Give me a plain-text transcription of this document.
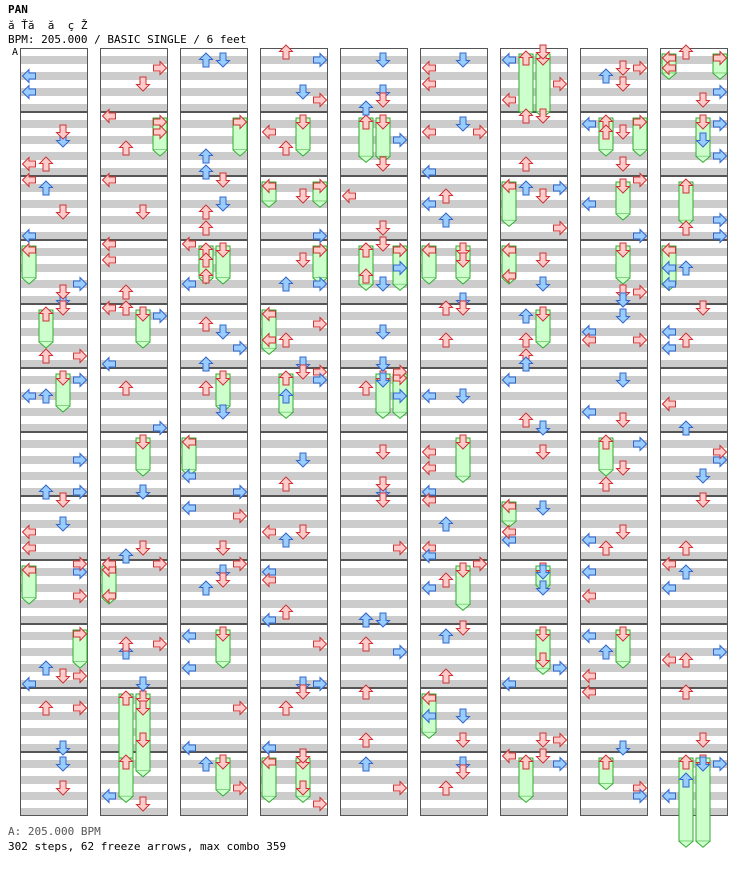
PAN
ă Ťă  ă  ç Ž
BPM: 205.000 / BASIC SINGLE / 6 feet
A
A: 205.000 BPM
302 steps, 62 freeze arrows, max combo 359
